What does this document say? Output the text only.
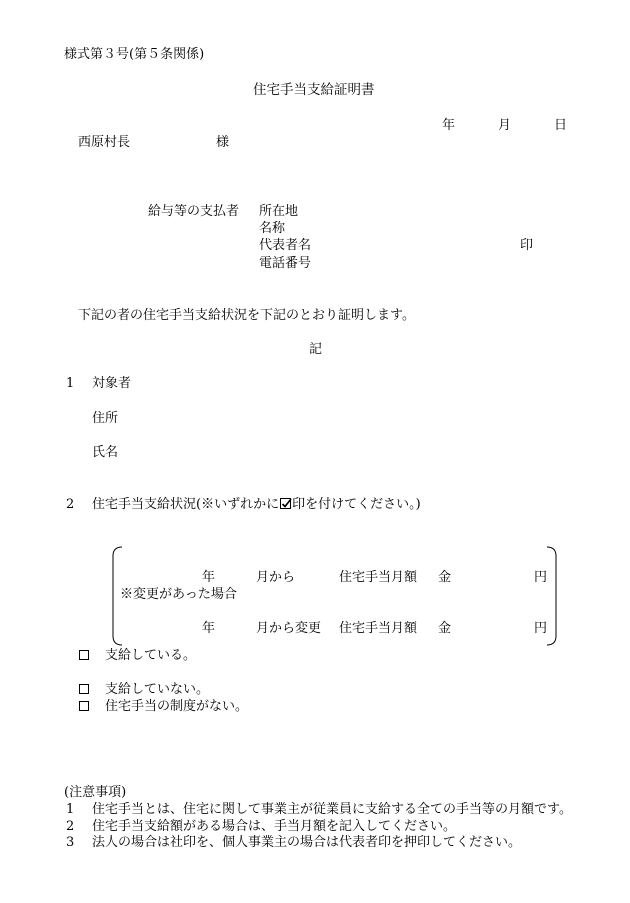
様式第３号(第５条関係)
住宅手当支給証明書
年	月	日
西原村長	様
給与等の支払者 所在地
名称
代表者名	印
電話番号
下記の者の住宅手当支給状況を下記のとおり証明します。
記
1 対象者
住所
氏名
2 住宅手当支給状況(※いずれかに 印を付けてください。)
年	月から	住宅手当月額 金	円
※変更があった場合
年	月から変更 住宅手当月額 金	円
支給している。
支給していない。
住宅手当の制度がない。
(注意事項)
1 住宅手当とは、住宅に関して事業主が従業員に支給する全ての手当等の月額です。
2 住宅手当支給額がある場合は、手当月額を記入してください。
3 法人の場合は社印を、個人事業主の場合は代表者印を押印してください。
